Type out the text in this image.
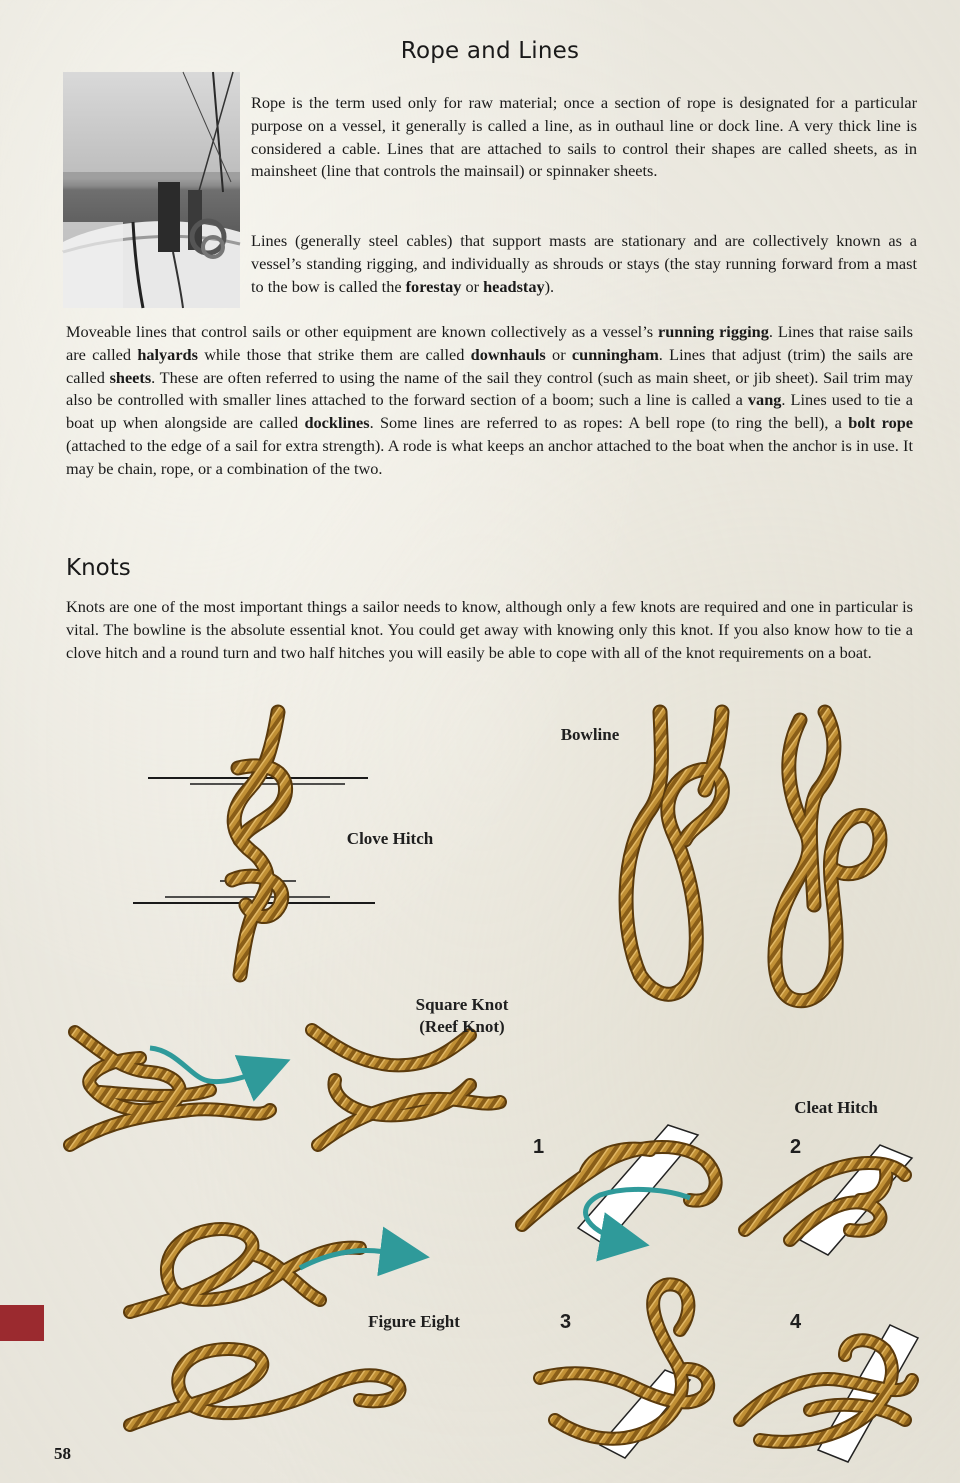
Rope and Lines

Rope is the term used only for raw material; once a section of rope is designated for a particular purpose on a vessel, it generally is called a line, as in outhaul line or dock line. A very thick line is considered a cable. Lines that are attached to sails to control their shapes are called sheets, as in mainsheet (line that controls the mainsail) or spinnaker sheets.

Lines (generally steel cables) that support masts are stationary and are collectively known as a vessel’s standing rigging, and individually as shrouds or stays (the stay running forward from a mast to the bow is called the forestay or headstay).

Moveable lines that control sails or other equipment are known collectively as a vessel’s running rigging. Lines that raise sails are called halyards while those that strike them are called downhauls or cunningham. Lines that adjust (trim) the sails are called sheets. These are often referred to using the name of the sail they control (such as main sheet, or jib sheet). Sail trim may also be controlled with smaller lines attached to the forward section of a boom; such a line is called a vang. Lines used to tie a boat up when alongside are called docklines. Some lines are referred to as ropes: A bell rope (to ring the bell), a bolt rope (attached to the edge of a sail for extra strength). A rode is what keeps an anchor attached to the boat when the anchor is in use. It may be chain, rope, or a combination of the two.

Knots

Knots are one of the most important things a sailor needs to know, although only a few knots are required and one in particular is vital. The bowline is the absolute essential knot. You could get away with knowing only this knot. If you also know how to tie a clove hitch and a round turn and two half hitches you will easily be able to cope with all of the knot requirements on a boat.

Clove Hitch
Bowline
Square Knot
(Reef Knot)
Cleat Hitch
Figure Eight
1	2
3	4
58
